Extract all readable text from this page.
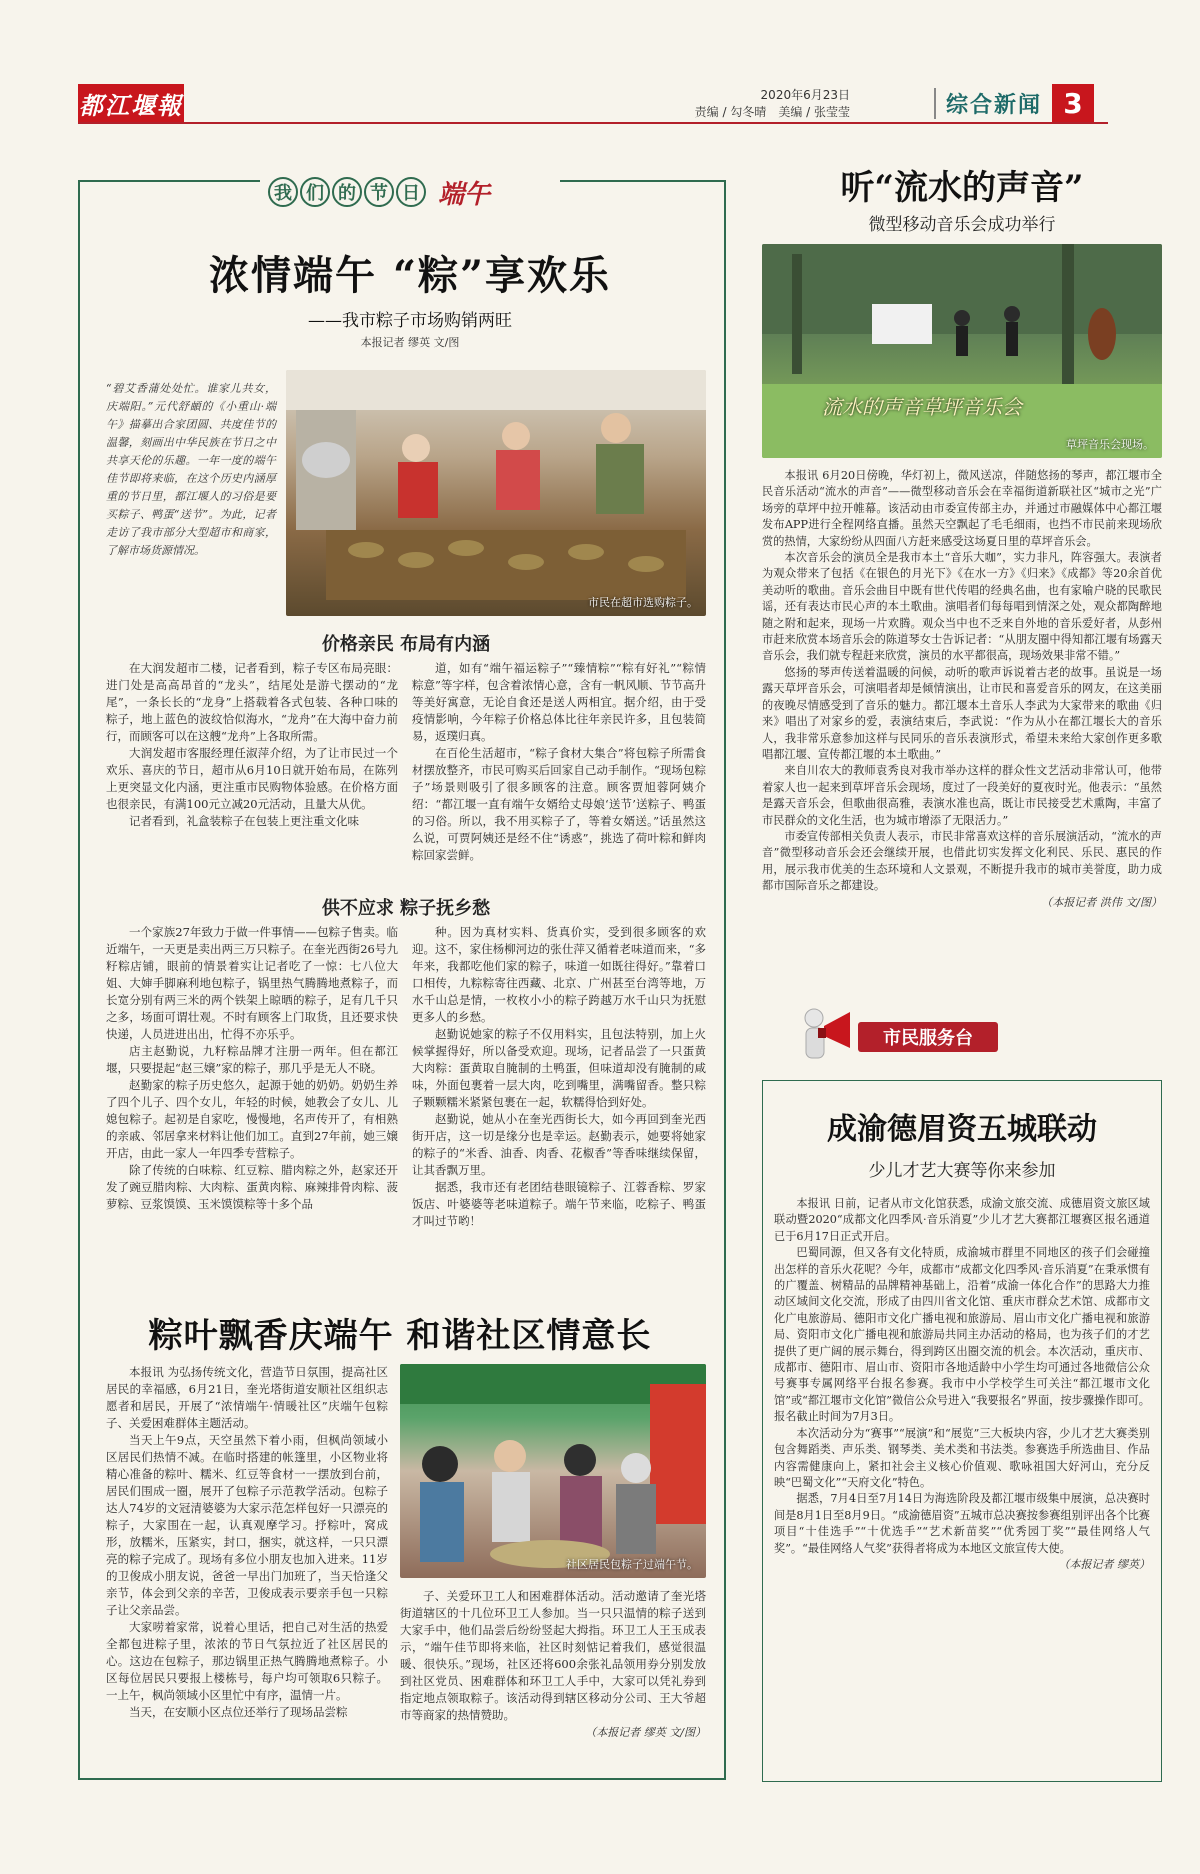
都江堰報	2020年6月23日
责编 / 勾冬晴　美编 / 张莹莹	综合新闻 3
我 们 的 节 日 端午
浓情端午 “粽”享欢乐
——我市粽子市场购销两旺
本报记者 缪英 文/图
“碧艾香蒲处处忙。谁家儿共女，庆端阳。”元代舒頔的《小重山·端午》描摹出合家团圆、共度佳节的温馨，刻画出中华民族在节日之中共享天伦的乐趣。一年一度的端午佳节即将来临，在这个历史内涵厚重的节日里，都江堰人的习俗是要买粽子、鸭蛋“送节”。为此，记者走访了我市部分大型超市和商家，了解市场货源情况。
市民在超市选购粽子。
价格亲民 布局有内涵

在大润发超市二楼，记者看到，粽子专区布局亮眼：进门处是高高昂首的“龙头”，结尾处是游弋摆动的“龙尾”，一条长长的“龙身”上搭载着各式包装、各种口味的粽子，地上蓝色的波纹恰似海水，“龙舟”在大海中奋力前行，而顾客可以在这艘“龙舟”上各取所需。

大润发超市客服经理任淑萍介绍，为了让市民过一个欢乐、喜庆的节日，超市从6月10日就开始布局，在陈列上更突显文化内涵，更注重市民购物体验感。在价格方面也很亲民，有满100元立减20元活动，且量大从优。

记者看到，礼盒装粽子在包装上更注重文化味

道，如有“端午福运粽子”“臻情粽”“粽有好礼”“粽情粽意”等字样，包含着浓情心意，含有一帆风顺、节节高升等美好寓意，无论自食还是送人两相宜。据介绍，由于受疫情影响，今年粽子价格总体比往年亲民许多，且包装简易，返璞归真。

在百伦生活超市，“粽子食材大集合”将包粽子所需食材摆放整齐，市民可购买后回家自己动手制作。“现场包粽子”场景则吸引了很多顾客的注意。顾客贾旭蓉阿姨介绍：“都江堰一直有端午女婿给丈母娘‘送节’送粽子、鸭蛋的习俗。所以，我不用买粽子了，等着女婿送。”话虽然这么说，可贾阿姨还是经不住“诱惑”，挑选了荷叶粽和鲜肉粽回家尝鲜。

供不应求 粽子抚乡愁

一个家族27年致力于做一件事情——包粽子售卖。临近端午，一天更是卖出两三万只粽子。在奎光西街26号九籽粽店铺，眼前的情景着实让记者吃了一惊：七八位大姐、大婶手脚麻利地包粽子，锅里热气腾腾地煮粽子，而长宽分别有两三米的两个铁架上晾晒的粽子，足有几千只之多，场面可谓壮观。不时有顾客上门取货，且还要求快快递，人员进进出出，忙得不亦乐乎。

店主赵勤说，九籽粽品牌才注册一两年。但在都江堰，只要提起“赵三嬢”家的粽子，那几乎是无人不晓。

赵勤家的粽子历史悠久，起源于她的奶奶。奶奶生养了四个儿子、四个女儿，年轻的时候，她教会了女儿、儿媳包粽子。起初是自家吃，慢慢地，名声传开了，有相熟的亲戚、邻居拿来材料让他们加工。直到27年前，她三嬢开店，由此一家人一年四季专营粽子。

除了传统的白味粽、红豆粽、腊肉粽之外，赵家还开发了豌豆腊肉粽、大肉粽、蛋黄肉粽、麻辣排骨肉粽、菠萝粽、豆浆馍馍、玉米馍馍粽等十多个品

种。因为真材实料、货真价实，受到很多顾客的欢迎。这不，家住杨柳河边的张仕萍又循着老味道而来，“多年来，我都吃他们家的粽子，味道一如既往得好。”靠着口口相传，九粽粽寄往西藏、北京、广州甚至台湾等地，万水千山总是情，一枚枚小小的粽子跨越万水千山只为抚慰更多人的乡愁。

赵勤说她家的粽子不仅用料实，且包法特别，加上火候掌握得好，所以备受欢迎。现场，记者品尝了一只蛋黄大肉粽：蛋黄取自腌制的土鸭蛋，但味道却没有腌制的咸味，外面包裹着一层大肉，吃到嘴里，满嘴留香。整只粽子颗颗糯米紧紧包裹在一起，软糯得恰到好处。

赵勤说，她从小在奎光西街长大，如今再回到奎光西街开店，这一切是缘分也是幸运。赵勤表示，她要将她家的粽子的“米香、油香、肉香、花椒香”等香味继续保留，让其香飘万里。

据悉，我市还有老团结巷眼镜粽子、江蓉香粽、罗家饭店、叶婆婆等老味道粽子。端午节来临，吃粽子、鸭蛋才叫过节哟！

粽叶飘香庆端午 和谐社区情意长

本报讯 为弘扬传统文化，营造节日氛围，提高社区居民的幸福感，6月21日，奎光塔街道安顺社区组织志愿者和居民，开展了“浓情端午·情暖社区”庆端午包粽子、关爱困难群体主题活动。

当天上午9点，天空虽然下着小雨，但枫尚领域小区居民们热情不减。在临时搭建的帐篷里，小区物业将精心准备的粽叶、糯米、红豆等食材一一摆放到台前，居民们围成一圈，展开了包粽子示范教学活动。包粽子达人74岁的文冠清婆婆为大家示范怎样包好一只漂亮的粽子，大家围在一起，认真观摩学习。抒粽叶，窝成形，放糯米，压紧实，封口，捆实，就这样，一只只漂亮的粽子完成了。现场有多位小朋友也加入进来。11岁的卫俊成小朋友说，爸爸一早出门加班了，当天恰逢父亲节，体会到父亲的辛苦，卫俊成表示要亲手包一只粽子让父亲品尝。

大家唠着家常，说着心里话，把自己对生活的热爱全都包进粽子里，浓浓的节日气氛拉近了社区居民的心。这边在包粽子，那边锅里正热气腾腾地煮粽子。小区每位居民只要报上楼栋号，每户均可领取6只粽子。一上午，枫尚领域小区里忙中有序，温情一片。

当天，在安顺小区点位还举行了现场品尝粽

社区居民包粽子过端午节。

子、关爱环卫工人和困难群体活动。活动邀请了奎光塔街道辖区的十几位环卫工人参加。当一只只温情的粽子送到大家手中，他们品尝后纷纷竖起大拇指。环卫工人王玉成表示，“端午佳节即将来临，社区时刻惦记着我们，感觉很温暖、很快乐。”现场，社区还将600余张礼品领用券分别发放到社区党员、困难群体和环卫工人手中，大家可以凭礼券到指定地点领取粽子。该活动得到辖区移动分公司、王大爷超市等商家的热情赞助。

（本报记者 缪英 文/图）

听“流水的声音”
微型移动音乐会成功举行
流水的声音草坪音乐会
草坪音乐会现场。

本报讯 6月20日傍晚，华灯初上，微风送凉，伴随悠扬的琴声，都江堰市全民音乐活动“流水的声音”——微型移动音乐会在幸福街道新联社区“城市之光”广场旁的草坪中拉开帷幕。该活动由市委宣传部主办，并通过市融媒体中心都江堰发布APP进行全程网络直播。虽然天空飘起了毛毛细雨，也挡不市民前来现场欣赏的热情，大家纷纷从四面八方赶来感受这场夏日里的草坪音乐会。

本次音乐会的演员全是我市本土“音乐大咖”，实力非凡，阵容强大。表演者为观众带来了包括《在银色的月光下》《在水一方》《归来》《成都》等20余首优美动听的歌曲。音乐会曲目中既有世代传唱的经典名曲，也有家喻户晓的民歌民谣，还有表达市民心声的本土歌曲。演唱者们每每唱到情深之处，观众都陶醉地随之附和起来，现场一片欢腾。观众当中也不乏来自外地的音乐爱好者，从彭州市赶来欣赏本场音乐会的陈道琴女士告诉记者：“从朋友圈中得知都江堰有场露天音乐会，我们就专程赶来欣赏，演员的水平都很高，现场效果非常不错。”

悠扬的琴声传送着温暖的问候，动听的歌声诉说着古老的故事。虽说是一场露天草坪音乐会，可演唱者却是倾情演出，让市民和喜爱音乐的网友，在这美丽的夜晚尽情感受到了音乐的魅力。都江堰本土音乐人李武为大家带来的歌曲《归来》唱出了对家乡的爱，表演结束后，李武说：“作为从小在都江堰长大的音乐人，我非常乐意参加这样与民同乐的音乐表演形式，希望未来给大家创作更多歌唱都江堰、宣传都江堰的本土歌曲。”

来自川农大的教师袁秀良对我市举办这样的群众性文艺活动非常认可，他带着家人也一起来到草坪音乐会现场，度过了一段美好的夏夜时光。他表示：“虽然是露天音乐会，但歌曲很高雅，表演水准也高，既让市民接受艺术熏陶，丰富了市民群众的文化生活，也为城市增添了无限活力。”

市委宣传部相关负责人表示，市民非常喜欢这样的音乐展演活动，“流水的声音”微型移动音乐会还会继续开展，也借此切实发挥文化利民、乐民、惠民的作用，展示我市优美的生态环境和人文景观，不断提升我市的城市美誉度，助力成都市国际音乐之都建设。

（本报记者 洪伟 文/图）

市民服务台
成渝德眉资五城联动
少儿才艺大赛等你来参加

本报讯 日前，记者从市文化馆获悉，成渝文旅交流、成德眉资文旅区域联动暨2020“成都文化四季风·音乐消夏”少儿才艺大赛都江堰赛区报名通道已于6月17日正式开启。

巴蜀同源，但又各有文化特质，成渝城市群里不同地区的孩子们会碰撞出怎样的音乐火花呢？今年，成都市“成都文化四季风·音乐消夏”在秉承惯有的广覆盖、树精品的品牌精神基础上，沿着“成渝一体化合作”的思路大力推动区域间文化交流，形成了由四川省文化馆、重庆市群众艺术馆、成都市文化广电旅游局、德阳市文化广播电视和旅游局、眉山市文化广播电视和旅游局、资阳市文化广播电视和旅游局共同主办活动的格局，也为孩子们的才艺提供了更广阔的展示舞台，得到跨区出圈交流的机会。本次活动，重庆市、成都市、德阳市、眉山市、资阳市各地适龄中小学生均可通过各地微信公众号赛事专属网络平台报名参赛。我市中小学校学生可关注“都江堰市文化馆”或“都江堰市文化馆”微信公众号进入“我要报名”界面，按步骤操作即可。报名截止时间为7月3日。

本次活动分为“赛事”“展演”和“展览”三大板块内容，少儿才艺大赛类别包含舞蹈类、声乐类、钢琴类、美术类和书法类。参赛选手所选曲目、作品内容需健康向上，紧扣社会主义核心价值观、歌咏祖国大好河山，充分反映“巴蜀文化”“天府文化”特色。

据悉，7月4日至7月14日为海选阶段及都江堰市级集中展演，总决赛时间是8月1日至8月9日。“成渝德眉资”五城市总决赛按参赛组别评出各个比赛项目“十佳选手”“十优选手”“艺术新苗奖”“优秀园丁奖”“最佳网络人气奖”。“最佳网络人气奖”获得者将成为本地区文旅宣传大使。

（本报记者 缪英）
